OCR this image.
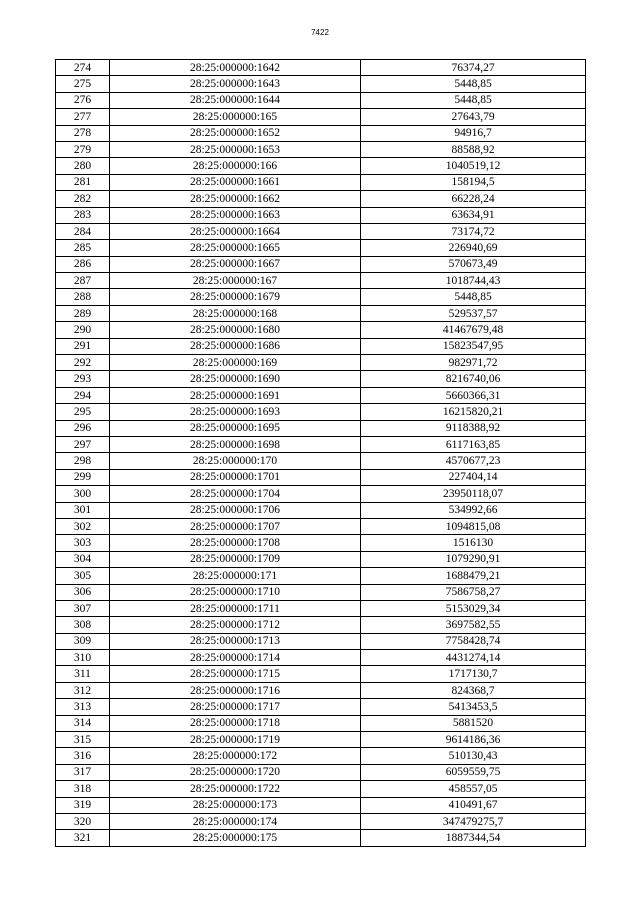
7422
274	28:25:000000:1642	76374,27
275	28:25:000000:1643	5448,85
276	28:25:000000:1644	5448,85
277	28:25:000000:165	27643,79
278	28:25:000000:1652	94916,7
279	28:25:000000:1653	88588,92
280	28:25:000000:166	1040519,12
281	28:25:000000:1661	158194,5
282	28:25:000000:1662	66228,24
283	28:25:000000:1663	63634,91
284	28:25:000000:1664	73174,72
285	28:25:000000:1665	226940,69
286	28:25:000000:1667	570673,49
287	28:25:000000:167	1018744,43
288	28:25:000000:1679	5448,85
289	28:25:000000:168	529537,57
290	28:25:000000:1680	41467679,48
291	28:25:000000:1686	15823547,95
292	28:25:000000:169	982971,72
293	28:25:000000:1690	8216740,06
294	28:25:000000:1691	5660366,31
295	28:25:000000:1693	16215820,21
296	28:25:000000:1695	9118388,92
297	28:25:000000:1698	6117163,85
298	28:25:000000:170	4570677,23
299	28:25:000000:1701	227404,14
300	28:25:000000:1704	23950118,07
301	28:25:000000:1706	534992,66
302	28:25:000000:1707	1094815,08
303	28:25:000000:1708	1516130
304	28:25:000000:1709	1079290,91
305	28:25:000000:171	1688479,21
306	28:25:000000:1710	7586758,27
307	28:25:000000:1711	5153029,34
308	28:25:000000:1712	3697582,55
309	28:25:000000:1713	7758428,74
310	28:25:000000:1714	4431274,14
311	28:25:000000:1715	1717130,7
312	28:25:000000:1716	824368,7
313	28:25:000000:1717	5413453,5
314	28:25:000000:1718	5881520
315	28:25:000000:1719	9614186,36
316	28:25:000000:172	510130,43
317	28:25:000000:1720	6059559,75
318	28:25:000000:1722	458557,05
319	28:25:000000:173	410491,67
320	28:25:000000:174	347479275,7
321	28:25:000000:175	1887344,54
